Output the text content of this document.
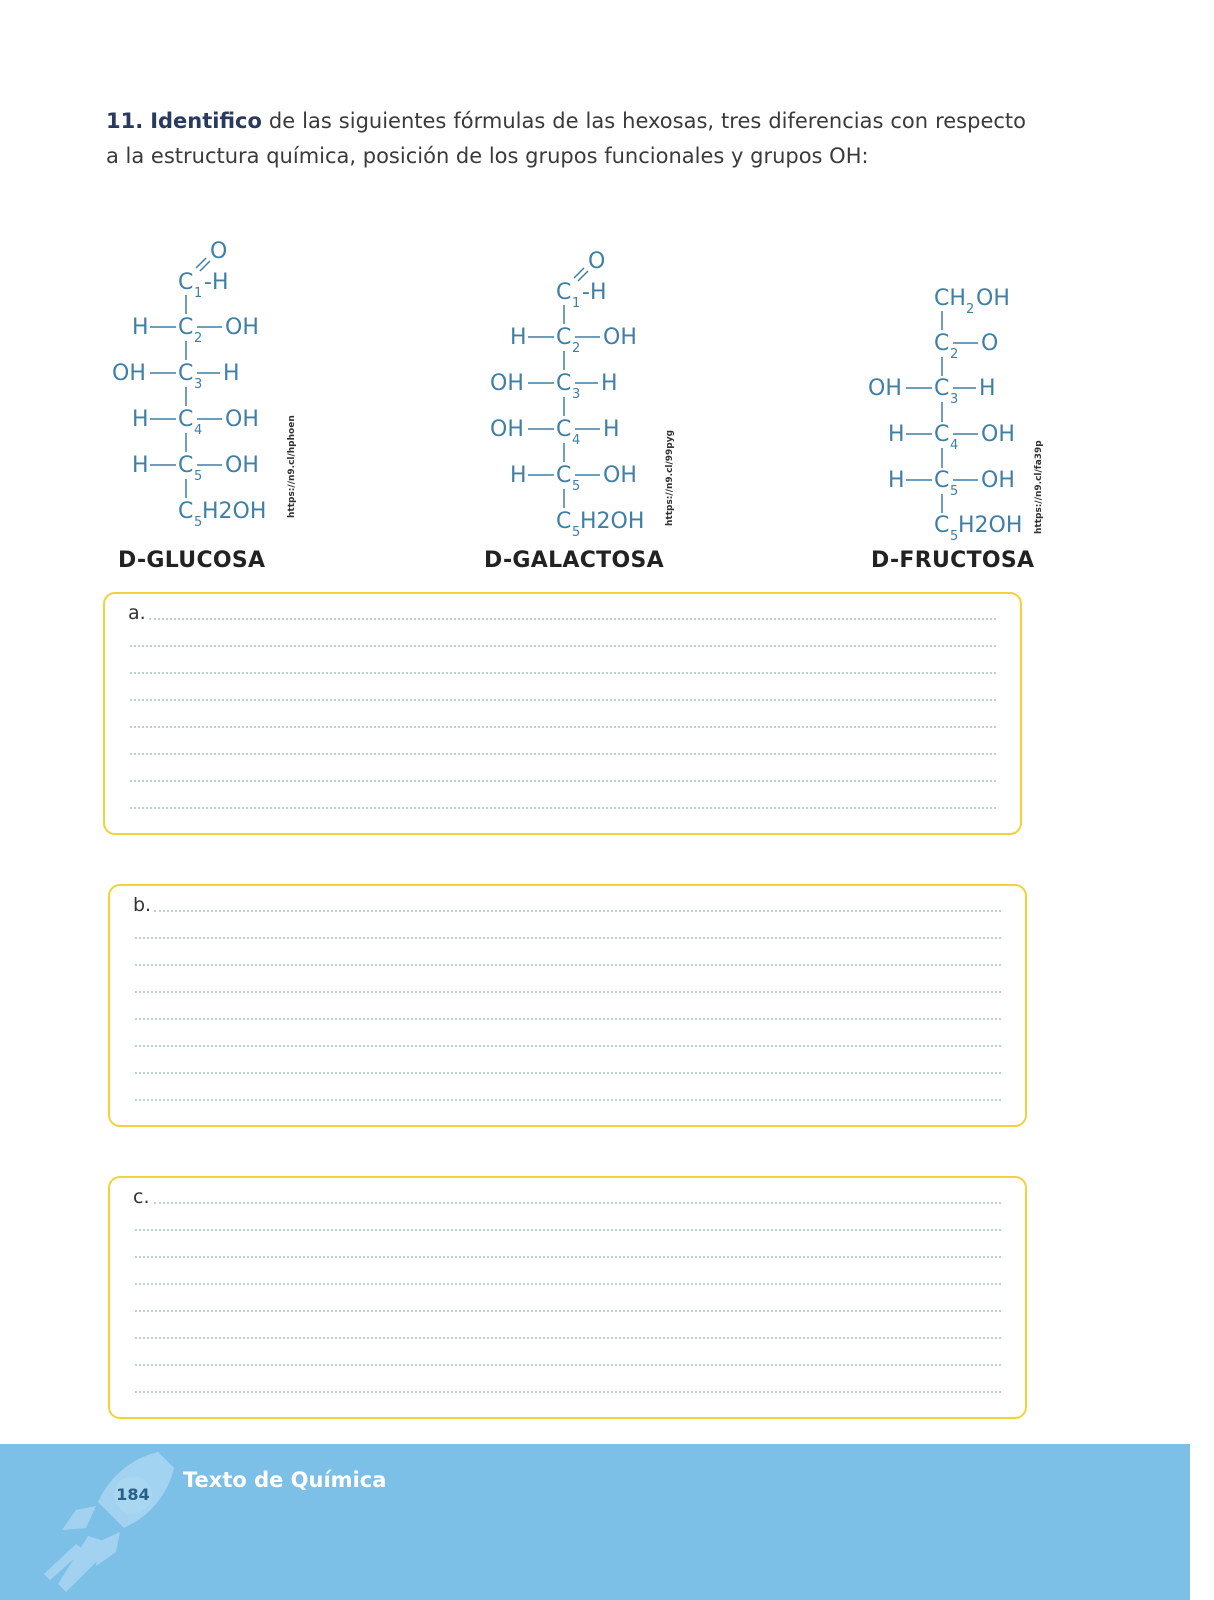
11. Identifico de las siguientes fórmulas de las hexosas, tres diferencias con respecto a la estructura química, posición de los grupos funcionales y grupos OH:
O
C 1 -H
H C 2 OH
OH C 3 H
H C 4 OH
H C 5 OH
C 5 H2OH https://n9.cl/hphoen
D-GLUCOSA
O
C 1 -H
H C 2 OH
OH C 3 H
OH C 4 H
H C 5 OH
C 5 H2OH https://n9.cl/99pyg
D-GALACTOSA
CH 2 OH
C 2 O
OH C 3 H
H C 4 OH
H C 5 OH
C 5 H2OH https://n9.cl/fa39p
D-FRUCTOSA
a.
b.
c.
184
Texto de Química
